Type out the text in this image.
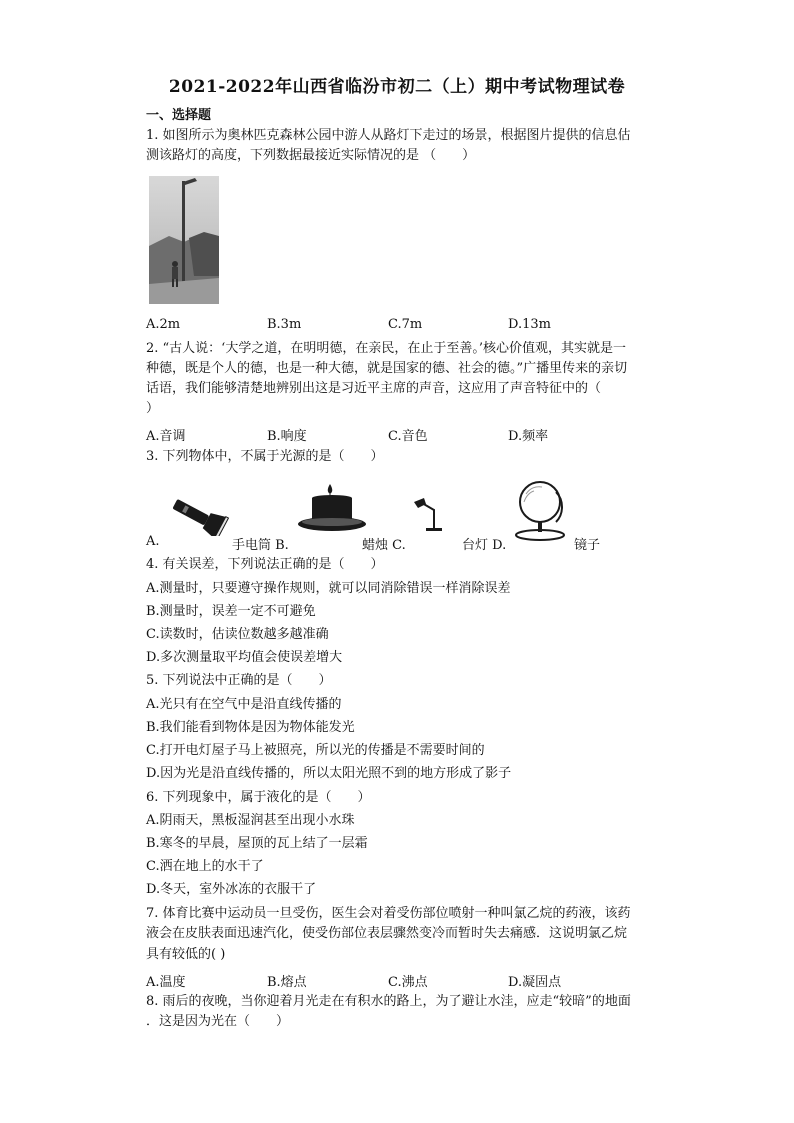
2021-2022年山西省临汾市初二（上）期中考试物理试卷
一、选择题
1. 如图所示为奥林匹克森林公园中游人从路灯下走过的场景，根据图片提供的信息估
测该路灯的高度，下列数据最接近实际情况的是 （　　）
A.2m	B.3m	C.7m	D.13m
2. “古人说：‘大学之道，在明明德，在亲民，在止于至善。’核心价值观，其实就是一
种德，既是个人的德，也是一种大德，就是国家的德、社会的德。”广播里传来的亲切
话语，我们能够清楚地辨别出这是习近平主席的声音，这应用了声音特征中的（
）
A.音调	B.响度	C.音色	D.频率
3. 下列物体中，不属于光源的是（　　）
A.	手电筒 B.	蜡烛 C.	台灯 D.	镜子
4. 有关误差，下列说法正确的是（　　）
A.测量时，只要遵守操作规则，就可以同消除错误一样消除误差
B.测量时，误差一定不可避免
C.读数时，估读位数越多越准确
D.多次测量取平均值会使误差增大
5. 下列说法中正确的是（　　）
A.光只有在空气中是沿直线传播的
B.我们能看到物体是因为物体能发光
C.打开电灯屋子马上被照亮，所以光的传播是不需要时间的
D.因为光是沿直线传播的，所以太阳光照不到的地方形成了影子
6. 下列现象中，属于液化的是（　　）
A.阴雨天，黑板湿润甚至出现小水珠
B.寒冬的早晨，屋顶的瓦上结了一层霜
C.洒在地上的水干了
D.冬天，室外冰冻的衣服干了
7. 体育比赛中运动员一旦受伤，医生会对着受伤部位喷射一种叫氯乙烷的药液，该药
液会在皮肤表面迅速汽化，使受伤部位表层骤然变冷而暂时失去痛感．这说明氯乙烷
具有较低的( )
A.温度	B.熔点	C.沸点	D.凝固点
8. 雨后的夜晚，当你迎着月光走在有积水的路上，为了避让水洼，应走“较暗”的地面
．这是因为光在（　　）
